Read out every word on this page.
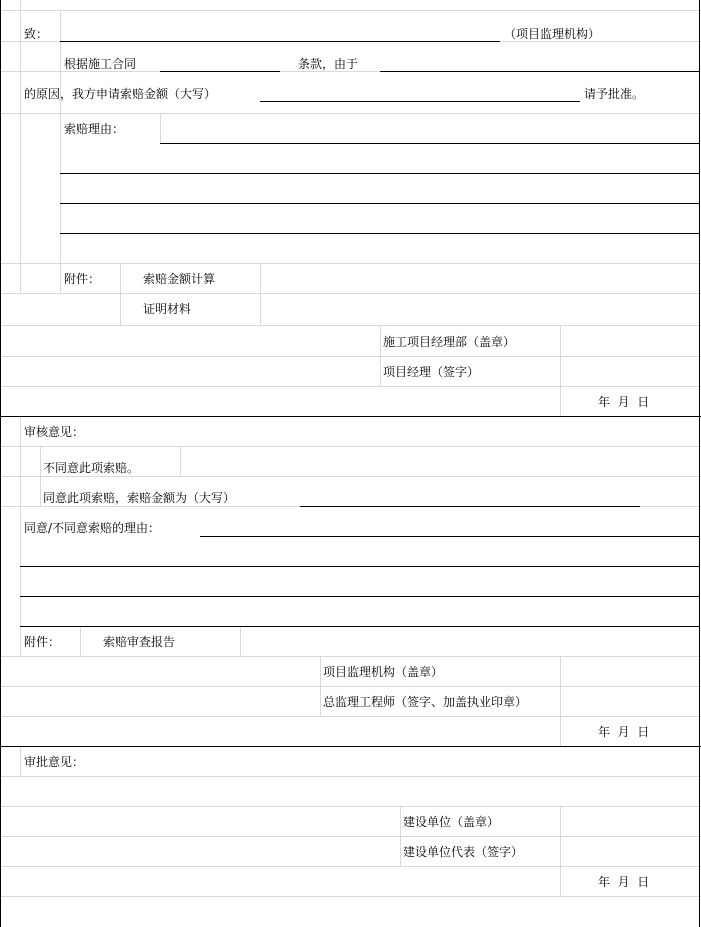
致：	（项目监理机构）
根据施工合同	条款，由于
的原因，我方申请索赔金额（大写）	请予批准。
索赔理由：
附件：	索赔金额计算
证明材料
施工项目经理部（盖章）
项目经理（签字）
年  月  日
审核意见：
不同意此项索赔。
同意此项索赔，索赔金额为（大写）
同意/不同意索赔的理由：
附件：	索赔审查报告
项目监理机构（盖章）
总监理工程师（签字、加盖执业印章）
年  月  日
审批意见：
建设单位（盖章）
建设单位代表（签字）
年  月  日
